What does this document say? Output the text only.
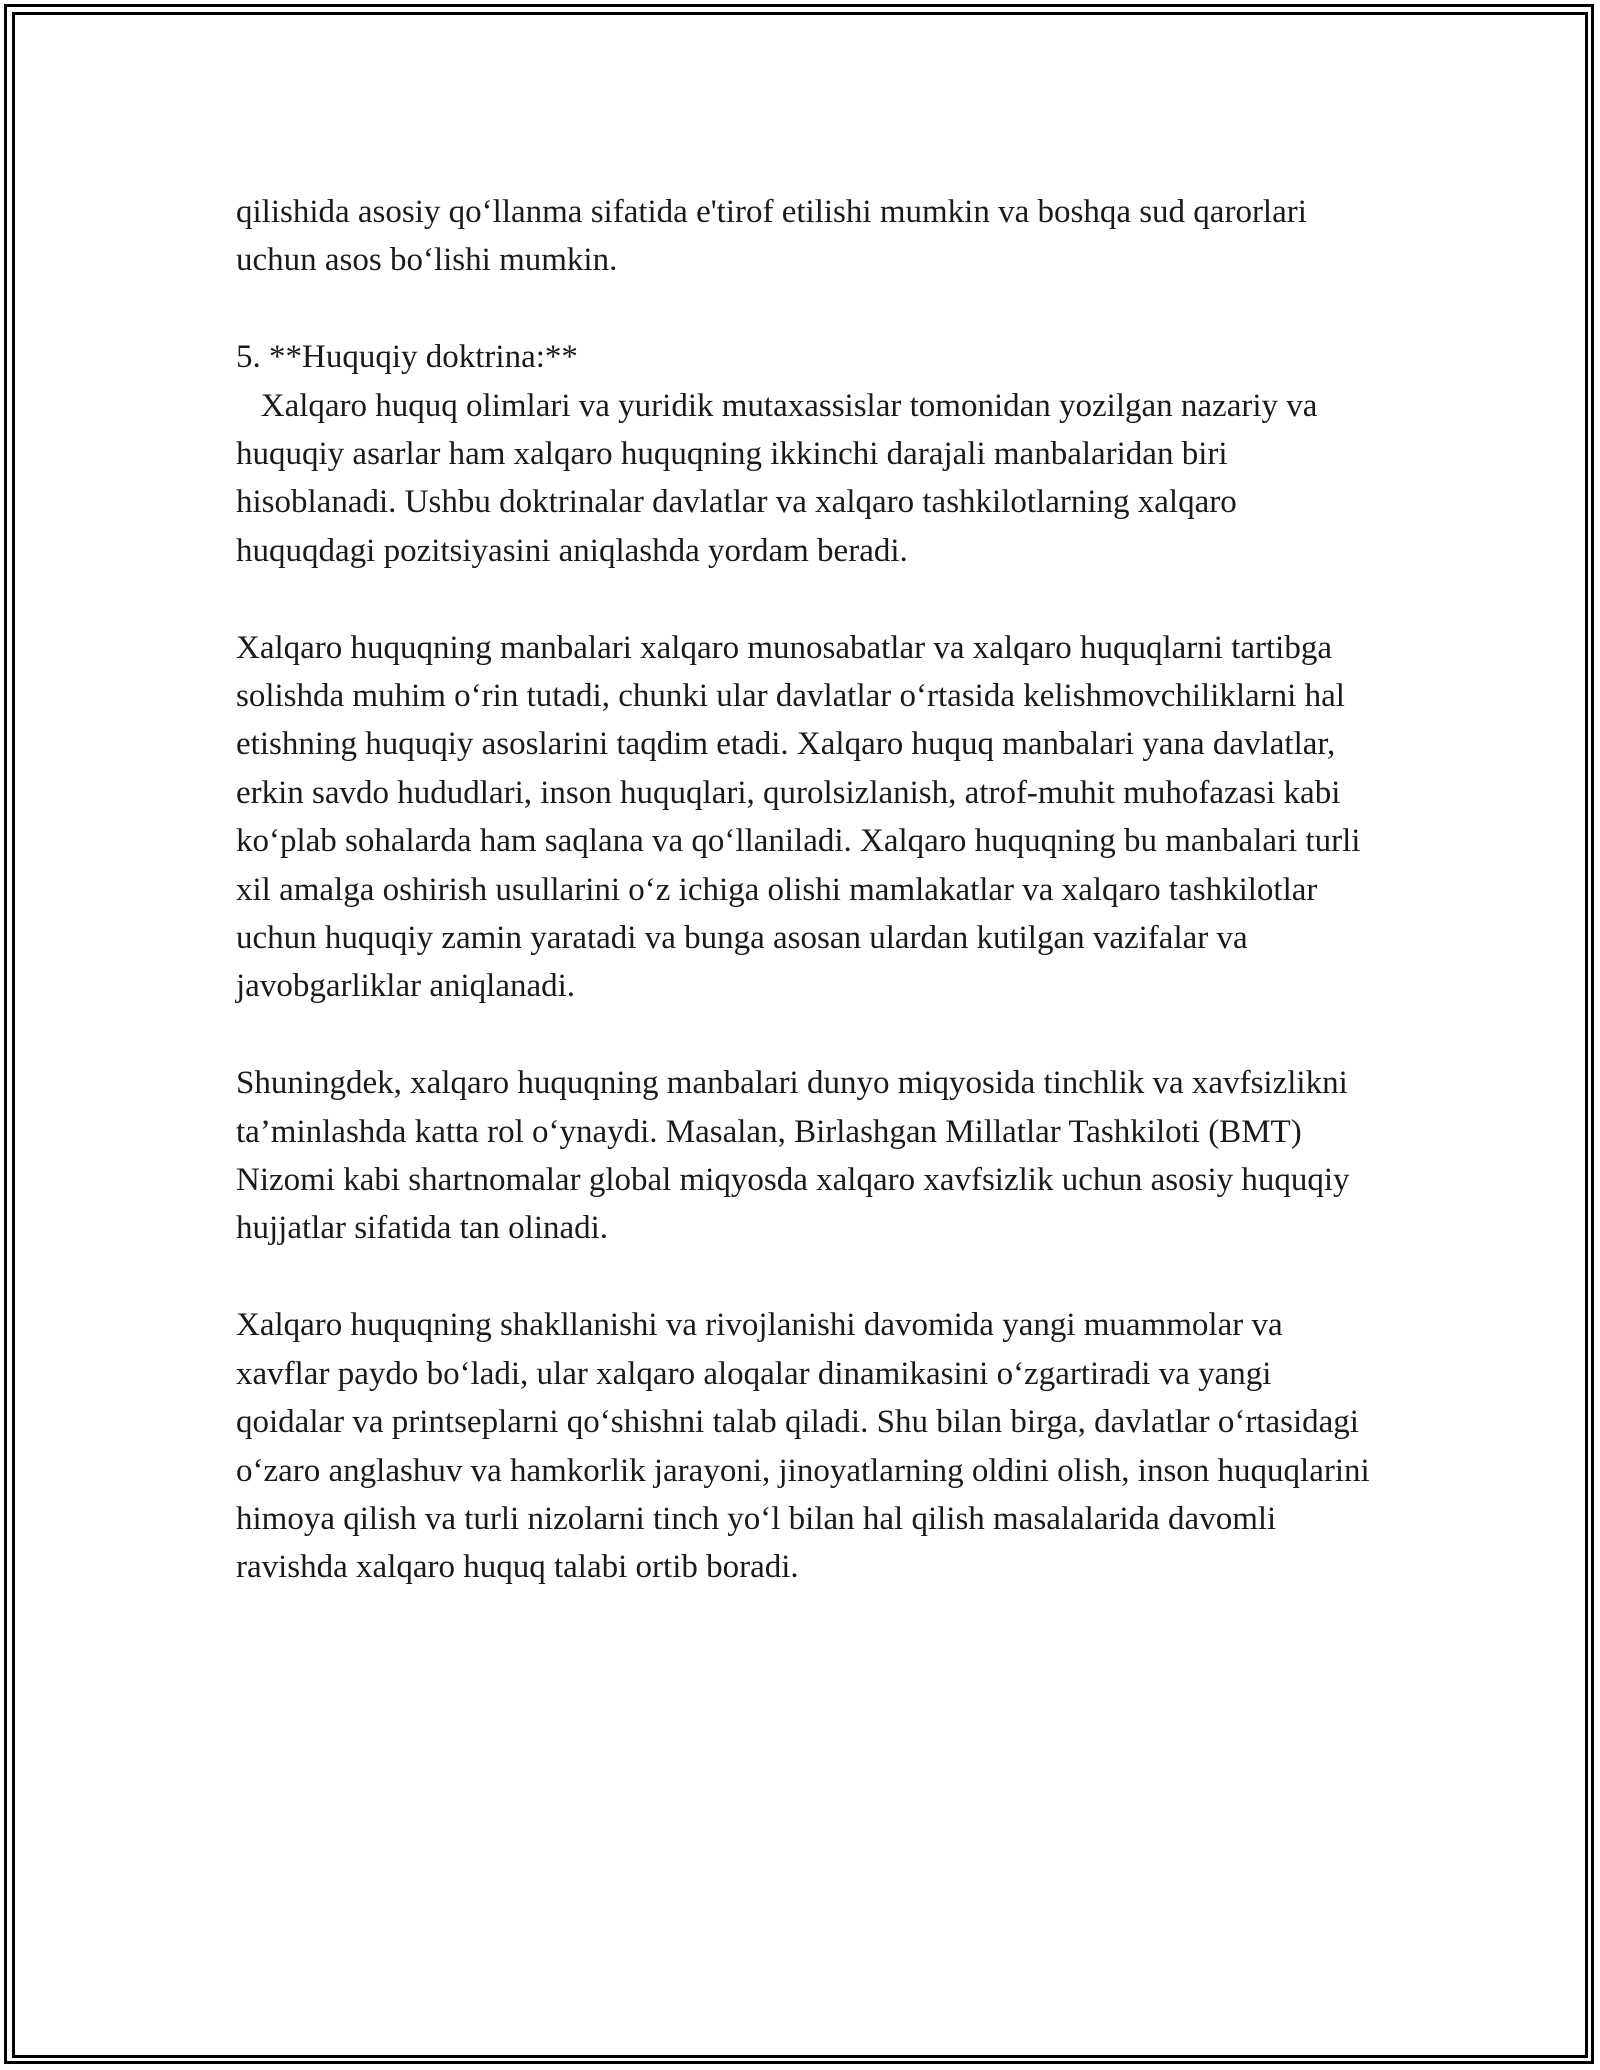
qilishida asosiy qo‘llanma sifatida e'tirof etilishi mumkin va boshqa sud qarorlari uchun asos bo‘lishi mumkin.

5. **Huquqiy doktrina:**
Xalqaro huquq olimlari va yuridik mutaxassislar tomonidan yozilgan nazariy va huquqiy asarlar ham xalqaro huquqning ikkinchi darajali manbalaridan biri hisoblanadi. Ushbu doktrinalar davlatlar va xalqaro tashkilotlarning xalqaro huquqdagi pozitsiyasini aniqlashda yordam beradi.

Xalqaro huquqning manbalari xalqaro munosabatlar va xalqaro huquqlarni tartibga solishda muhim o‘rin tutadi, chunki ular davlatlar o‘rtasida kelishmovchiliklarni hal etishning huquqiy asoslarini taqdim etadi. Xalqaro huquq manbalari yana davlatlar, erkin savdo hududlari, inson huquqlari, qurolsizlanish, atrof-muhit muhofazasi kabi ko‘plab sohalarda ham saqlana va qo‘llaniladi. Xalqaro huquqning bu manbalari turli xil amalga oshirish usullarini o‘z ichiga olishi mamlakatlar va xalqaro tashkilotlar uchun huquqiy zamin yaratadi va bunga asosan ulardan kutilgan vazifalar va javobgarliklar aniqlanadi.

Shuningdek, xalqaro huquqning manbalari dunyo miqyosida tinchlik va xavfsizlikni ta’minlashda katta rol o‘ynaydi. Masalan, Birlashgan Millatlar Tashkiloti (BMT) Nizomi kabi shartnomalar global miqyosda xalqaro xavfsizlik uchun asosiy huquqiy hujjatlar sifatida tan olinadi.

Xalqaro huquqning shakllanishi va rivojlanishi davomida yangi muammolar va xavflar paydo bo‘ladi, ular xalqaro aloqalar dinamikasini o‘zgartiradi va yangi qoidalar va printseplarni qo‘shishni talab qiladi. Shu bilan birga, davlatlar o‘rtasidagi o‘zaro anglashuv va hamkorlik jarayoni, jinoyatlarning oldini olish, inson huquqlarini himoya qilish va turli nizolarni tinch yo‘l bilan hal qilish masalalarida davomli ravishda xalqaro huquq talabi ortib boradi.
